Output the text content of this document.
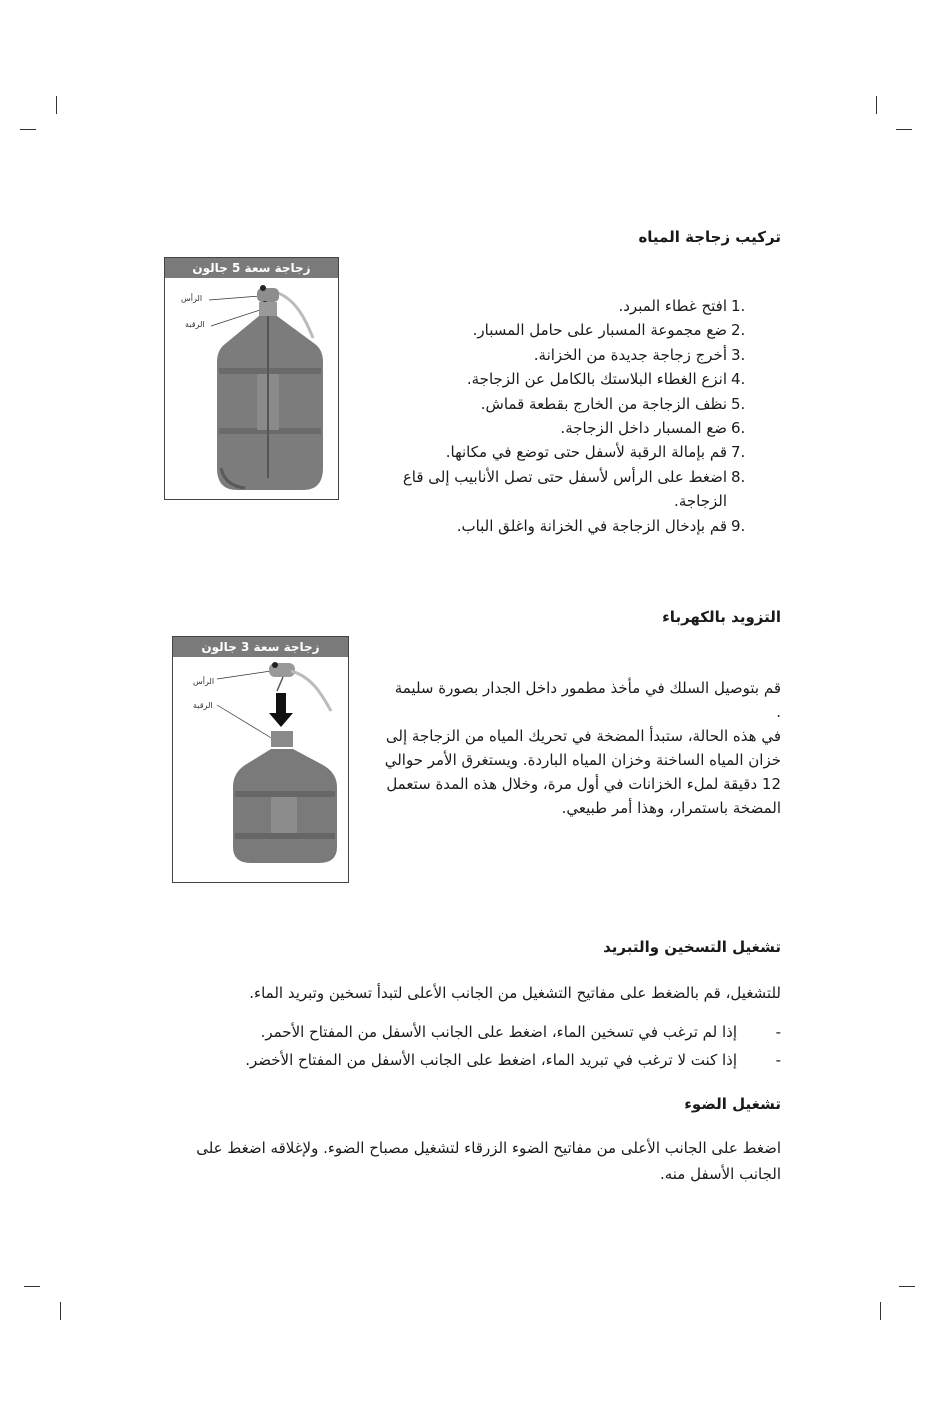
تركيب زجاجة المياه
زجاجة سعة 5 جالون
الرأس
الرقبة
1.
افتح غطاء المبرد.
2.
ضع مجموعة المسبار على حامل المسبار.
3.
أخرج زجاجة جديدة من الخزانة.
4.
انزع الغطاء البلاستك بالكامل عن الزجاجة.
5.
نظف الزجاجة من الخارج بقطعة قماش.
6.
ضع المسبار داخل الزجاجة.
7.
قم بإمالة الرقبة لأسفل حتى توضع في مكانها.
8.
اضغط على الرأس لأسفل حتى تصل الأنابيب إلى قاع الزجاجة.
9.
قم بإدخال الزجاجة في الخزانة واغلق الباب.
التزويد بالكهرباء
زجاجة سعة 3 جالون
الرأس
الرقبة
قم بتوصيل السلك في مأخذ مطمور داخل الجدار بصورة سليمة .
في هذه الحالة، ستبدأ المضخة في تحريك المياه من الزجاجة إلى خزان المياه الساخنة وخزان المياه الباردة. ويستغرق الأمر حوالي 12 دقيقة لملء الخزانات في أول مرة، وخلال هذه المدة ستعمل المضخة باستمرار، وهذا أمر طبيعي.
تشغيل التسخين والتبريد
للتشغيل، قم بالضغط على مفاتيح التشغيل من الجانب الأعلى لتبدأ تسخين وتبريد الماء.
-
إذا لم ترغب في تسخين الماء، اضغط على الجانب الأسفل من المفتاح الأحمر.
-
إذا كنت لا ترغب في تبريد الماء، اضغط على الجانب الأسفل من المفتاح الأخضر.
تشغيل الضوء
اضغط على الجانب الأعلى من مفاتيح الضوء الزرقاء لتشغيل مصباح الضوء. ولإغلاقه اضغط على الجانب الأسفل منه.
